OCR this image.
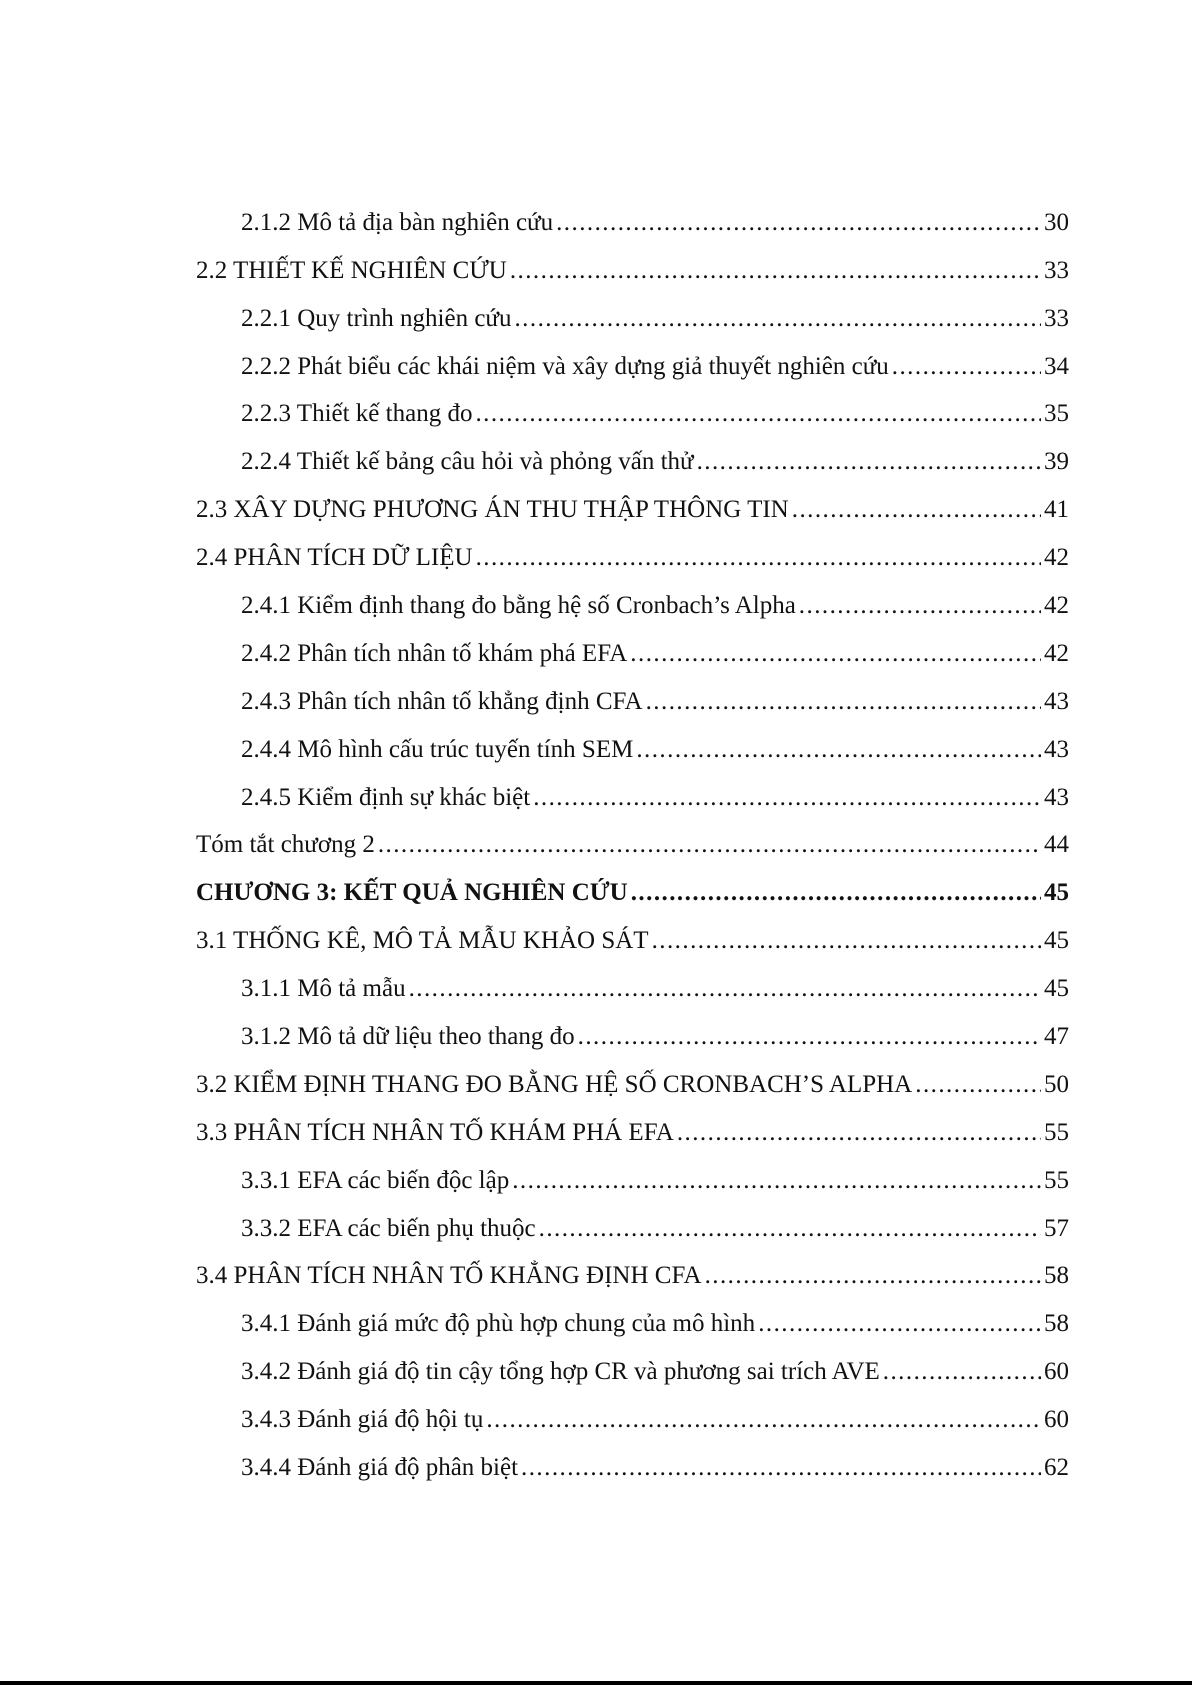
2.1.2 Mô tả địa bàn nghiên cứu . . .	30
2.2 THIẾT KẾ NGHIÊN CỨU . . .	33
2.2.1 Quy trình nghiên cứu . . .	33
2.2.2 Phát biểu các khái niệm và xây dựng giả thuyết nghiên cứu . . .	34
2.2.3 Thiết kế thang đo . . .	35
2.2.4 Thiết kế bảng câu hỏi và phỏng vấn thử . . .	39
2.3 XÂY DỰNG PHƯƠNG ÁN THU THẬP THÔNG TIN . . .	41
2.4 PHÂN TÍCH DỮ LIỆU . . .	42
2.4.1 Kiểm định thang đo bằng hệ số Cronbach’s Alpha . . .	42
2.4.2 Phân tích nhân tố khám phá EFA . . .	42
2.4.3 Phân tích nhân tố khẳng định CFA . . .	43
2.4.4 Mô hình cấu trúc tuyến tính SEM . . .	43
2.4.5 Kiểm định sự khác biệt . . .	43
Tóm tắt chương 2 . . .	44
CHƯƠNG 3: KẾT QUẢ NGHIÊN CỨU . . .	45
3.1 THỐNG KÊ, MÔ TẢ MẪU KHẢO SÁT . . .	45
3.1.1 Mô tả mẫu . . .	45
3.1.2 Mô tả dữ liệu theo thang đo . . .	47
3.2 KIỂM ĐỊNH THANG ĐO BẰNG HỆ SỐ CRONBACH’S ALPHA . . .	50
3.3 PHÂN TÍCH NHÂN TỐ KHÁM PHÁ EFA . . .	55
3.3.1 EFA các biến độc lập . . .	55
3.3.2 EFA các biến phụ thuộc . . .	57
3.4 PHÂN TÍCH NHÂN TỐ KHẲNG ĐỊNH CFA . . .	58
3.4.1 Đánh giá mức độ phù hợp chung của mô hình . . .	58
3.4.2 Đánh giá độ tin cậy tổng hợp CR và phương sai trích AVE . . .	60
3.4.3 Đánh giá độ hội tụ . . .	60
3.4.4 Đánh giá độ phân biệt . . .	62
